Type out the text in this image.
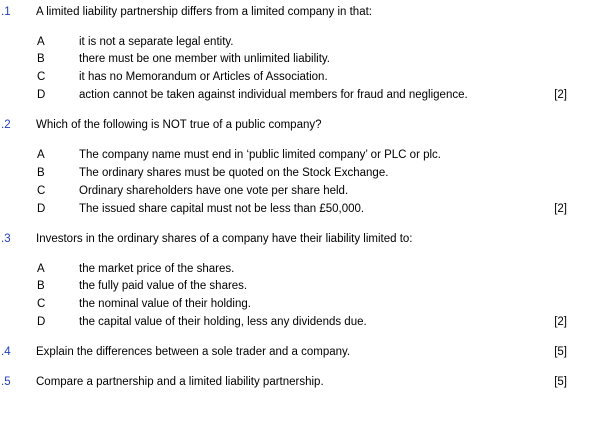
.1 A limited liability partnership differs from a limited company in that:
A	it is not a separate legal entity.
B	there must be one member with unlimited liability.
C	it has no Memorandum or Articles of Association.
D	action cannot be taken against individual members for fraud and negligence.	[2]
.2 Which of the following is NOT true of a public company?
A	The company name must end in ‘public limited company’ or PLC or plc.
B	The ordinary shares must be quoted on the Stock Exchange.
C	Ordinary shareholders have one vote per share held.
D	The issued share capital must not be less than £50,000.	[2]
.3 Investors in the ordinary shares of a company have their liability limited to:
A	the market price of the shares.
B	the fully paid value of the shares.
C	the nominal value of their holding.
D	the capital value of their holding, less any dividends due.	[2]
.4 Explain the differences between a sole trader and a company.	[5]
.5 Compare a partnership and a limited liability partnership.	[5]
